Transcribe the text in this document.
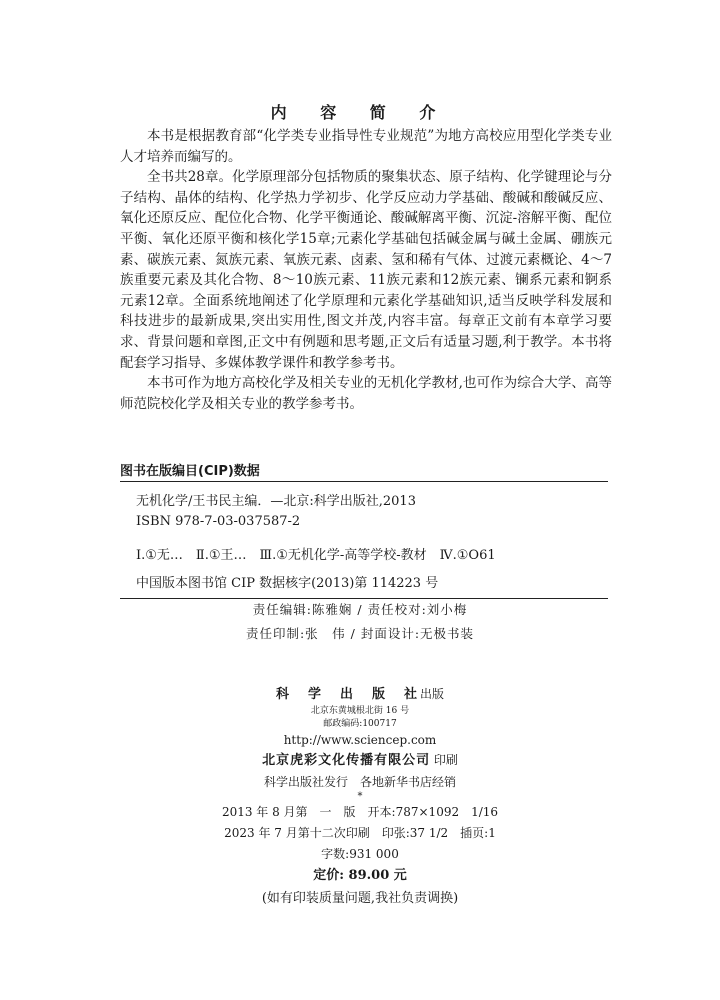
内 容 简 介

本书是根据教育部“化学类专业指导性专业规范”为地方高校应用型化学类专业人才培养而编写的。

全书共28章。化学原理部分包括物质的聚集状态、原子结构、化学键理论与分子结构、晶体的结构、化学热力学初步、化学反应动力学基础、酸碱和酸碱反应、氧化还原反应、配位化合物、化学平衡通论、酸碱解离平衡、沉淀-溶解平衡、配位平衡、氧化还原平衡和核化学15章;元素化学基础包括碱金属与碱土金属、硼族元素、碳族元素、氮族元素、氧族元素、卤素、氢和稀有气体、过渡元素概论、4～7族重要元素及其化合物、8～10族元素、11族元素和12族元素、镧系元素和锕系元素12章。全面系统地阐述了化学原理和元素化学基础知识,适当反映学科发展和科技进步的最新成果,突出实用性,图文并茂,内容丰富。每章正文前有本章学习要求、背景问题和章图,正文中有例题和思考题,正文后有适量习题,利于教学。本书将配套学习指导、多媒体教学课件和教学参考书。

本书可作为地方高校化学及相关专业的无机化学教材,也可作为综合大学、高等师范院校化学及相关专业的教学参考书。

图书在版编目(CIP)数据
无机化学/王书民主编．—北京:科学出版社,2013
ISBN 978-7-03-037587-2
Ⅰ.①无…　Ⅱ.①王…　Ⅲ.①无机化学-高等学校-教材　Ⅳ.①O61
中国版本图书馆 CIP 数据核字(2013)第 114223 号
责任编辑:陈雅娴 / 责任校对:刘小梅
责任印制:张　伟 / 封面设计:无极书装
科　学　出　版　社出版
北京东黄城根北街 16 号
邮政编码:100717
http://www.sciencep.com
北京虎彩文化传播有限公司 印刷
科学出版社发行　各地新华书店经销
*
2013 年 8 月第　一　版　开本:787×1092　1/16
2023 年 7 月第十二次印刷　印张:37 1/2　插页:1
字数:931 000
定价: 89.00 元
(如有印装质量问题,我社负责调换)
